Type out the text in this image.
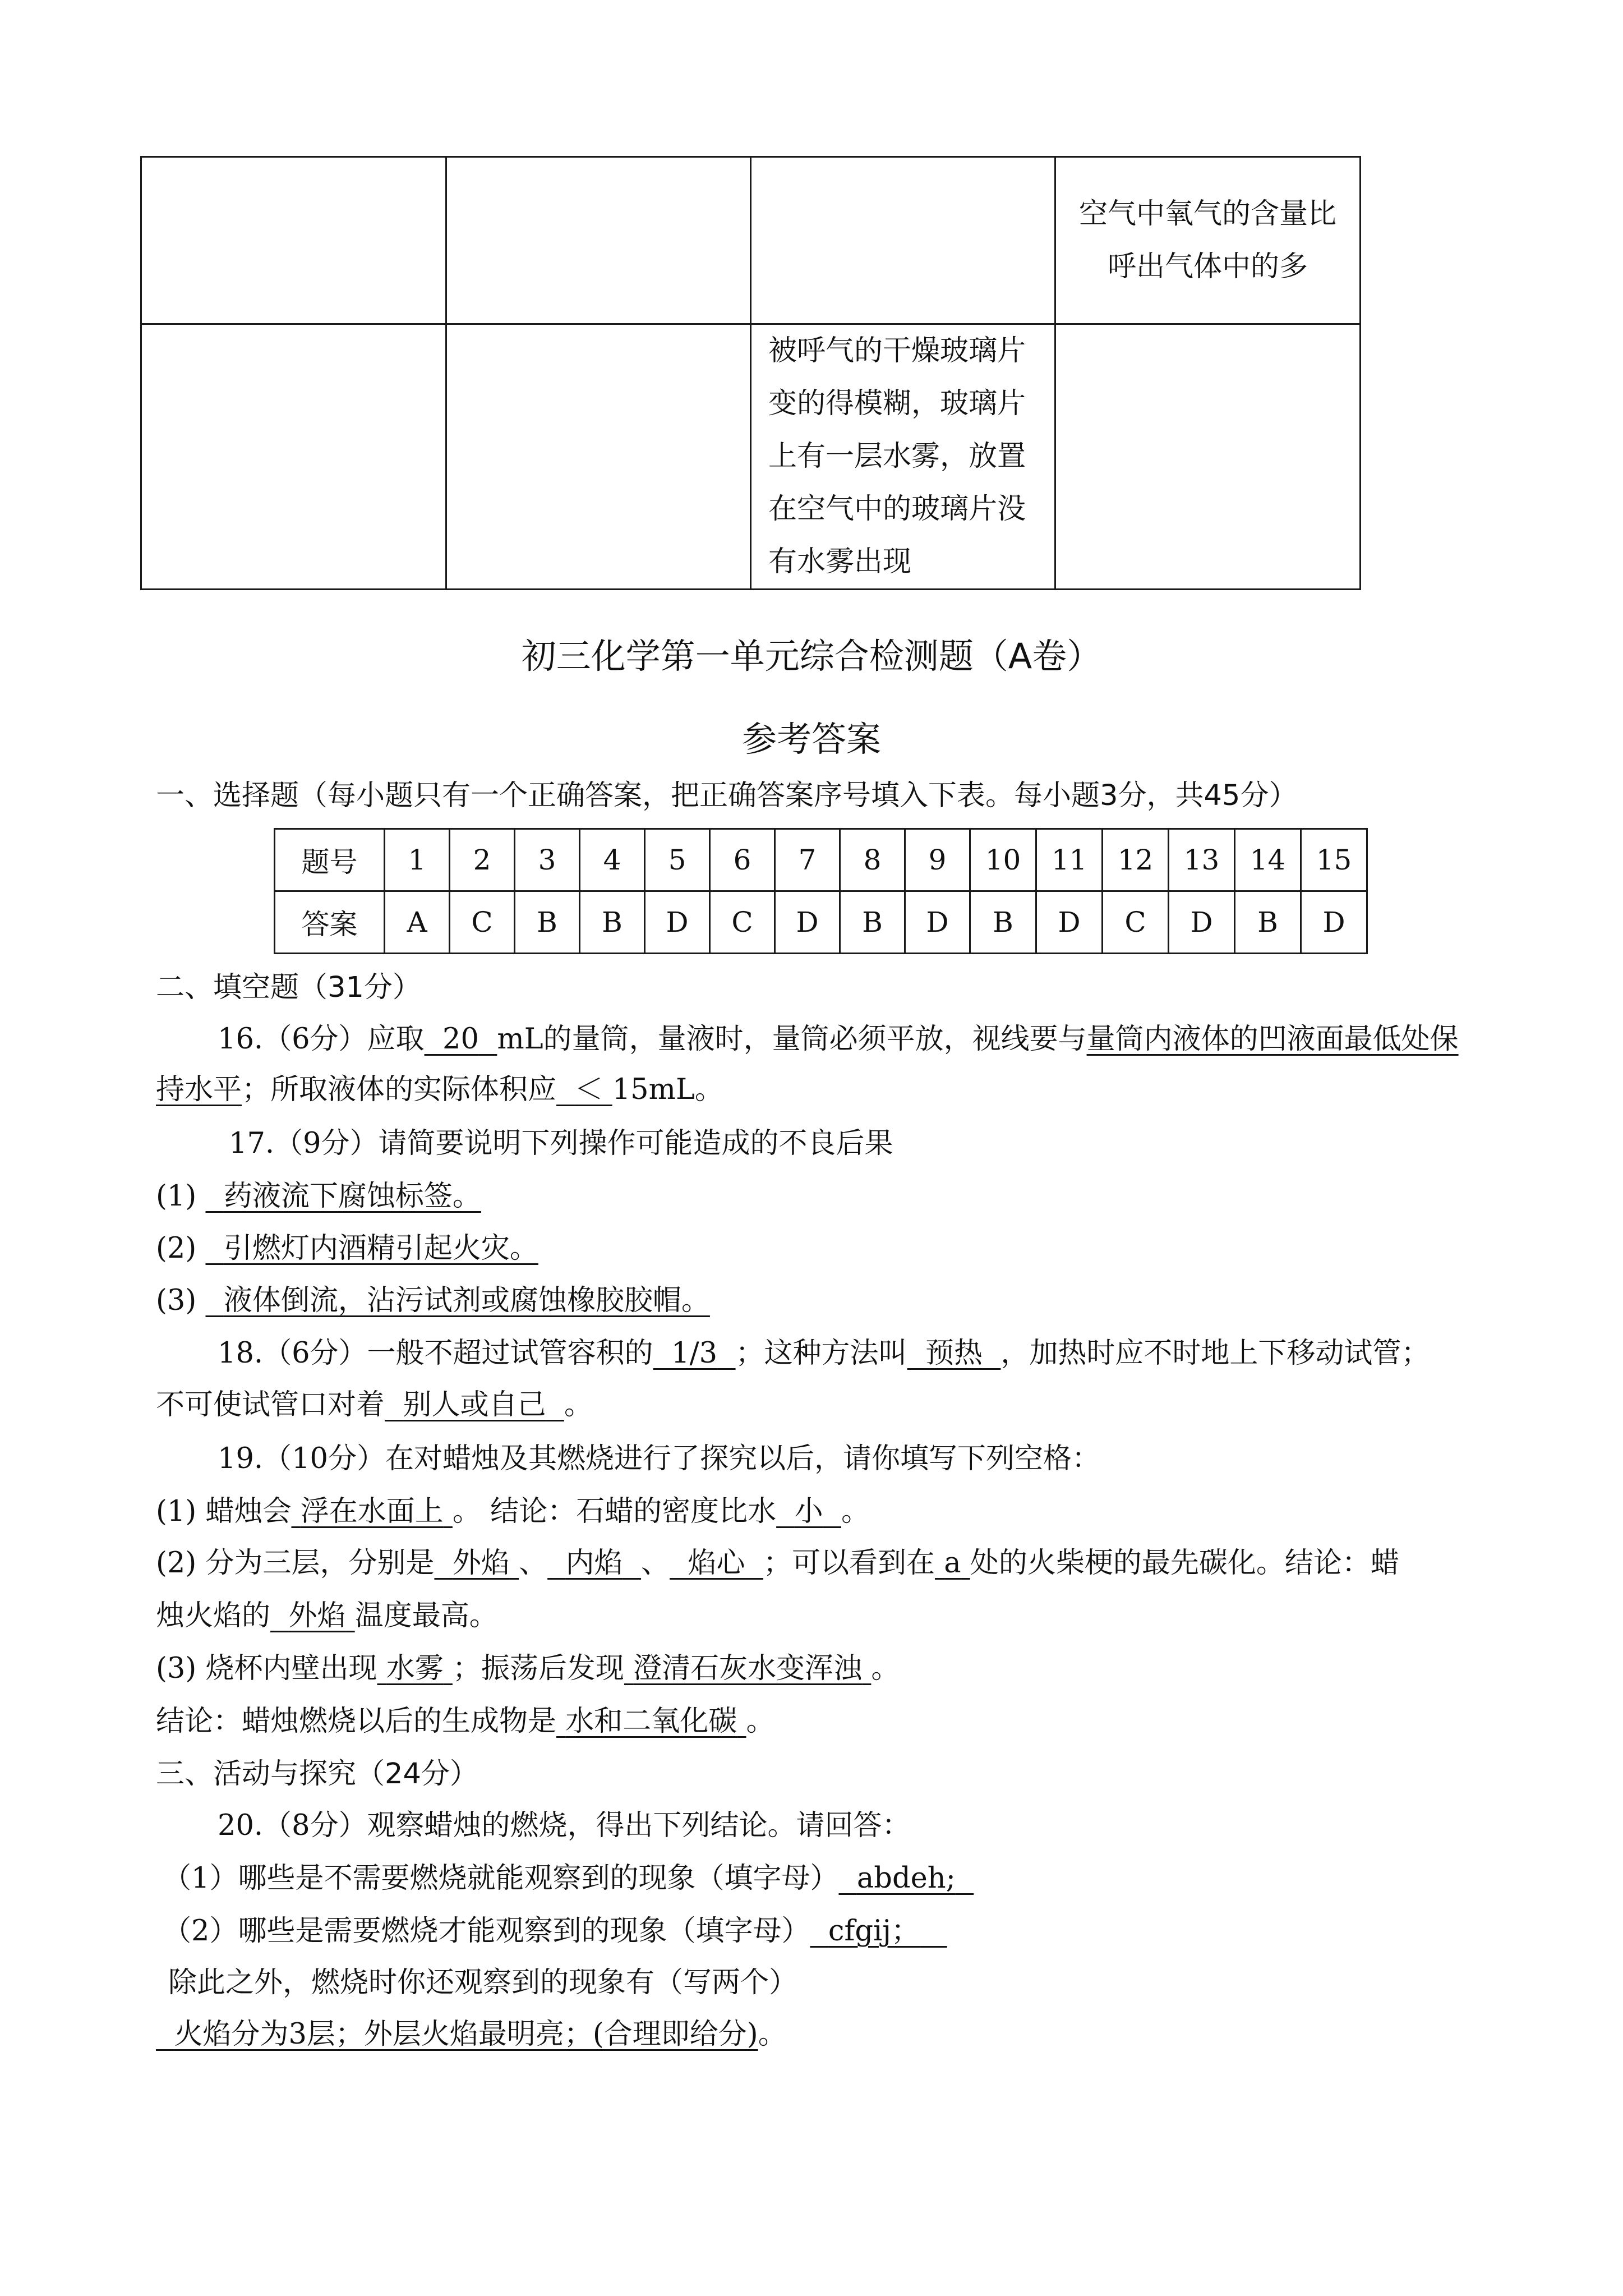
			空气中氧气的含量比呼出气体中的多
		被呼气的干燥玻璃片变的得模糊，玻璃片上有一层水雾，放置在空气中的玻璃片没有水雾出现	
初三化学第一单元综合检测题（A卷）
参考答案
一、选择题（每小题只有一个正确答案，把正确答案序号填入下表。每小题3分，共45分）
题号	1	2	3	4	5	6	7	8	9	10	11	12	13	14	15
答案	A	C	B	B	D	C	D	B	D	B	D	C	D	B	D
二、填空题（31分）
16.（6分）应取 20 mL的量筒，量液时，量筒必须平放，视线要与量筒内液体的凹液面最低处保
持水平；所取液体的实际体积应 ＜ 15mL。
17.（9分）请简要说明下列操作可能造成的不良后果
(1) 药液流下腐蚀标签。
(2) 引燃灯内酒精引起火灾。
(3) 液体倒流，沾污试剂或腐蚀橡胶胶帽。
18.（6分）一般不超过试管容积的 1/3 ；这种方法叫 预热 ，加热时应不时地上下移动试管；
不可使试管口对着 别人或自己 。
19.（10分）在对蜡烛及其燃烧进行了探究以后，请你填写下列空格：
(1) 蜡烛会 浮在水面上 。 结论：石蜡的密度比水 小 。
(2) 分为三层，分别是 外焰 、 内焰 、 焰心 ；可以看到在 a 处的火柴梗的最先碳化。结论：蜡
烛火焰的 外焰 温度最高。
(3) 烧杯内壁出现 水雾 ；振荡后发现 澄清石灰水变浑浊 。
结论：蜡烛燃烧以后的生成物是 水和二氧化碳 。
三、活动与探究（24分）
20.（8分）观察蜡烛的燃烧，得出下列结论。请回答：
（1）哪些是不需要燃烧就能观察到的现象（填字母） abdeh;
（2）哪些是需要燃烧才能观察到的现象（填字母） cfgij；
除此之外，燃烧时你还观察到的现象有（写两个）
火焰分为3层；外层火焰最明亮；(合理即给分)。
